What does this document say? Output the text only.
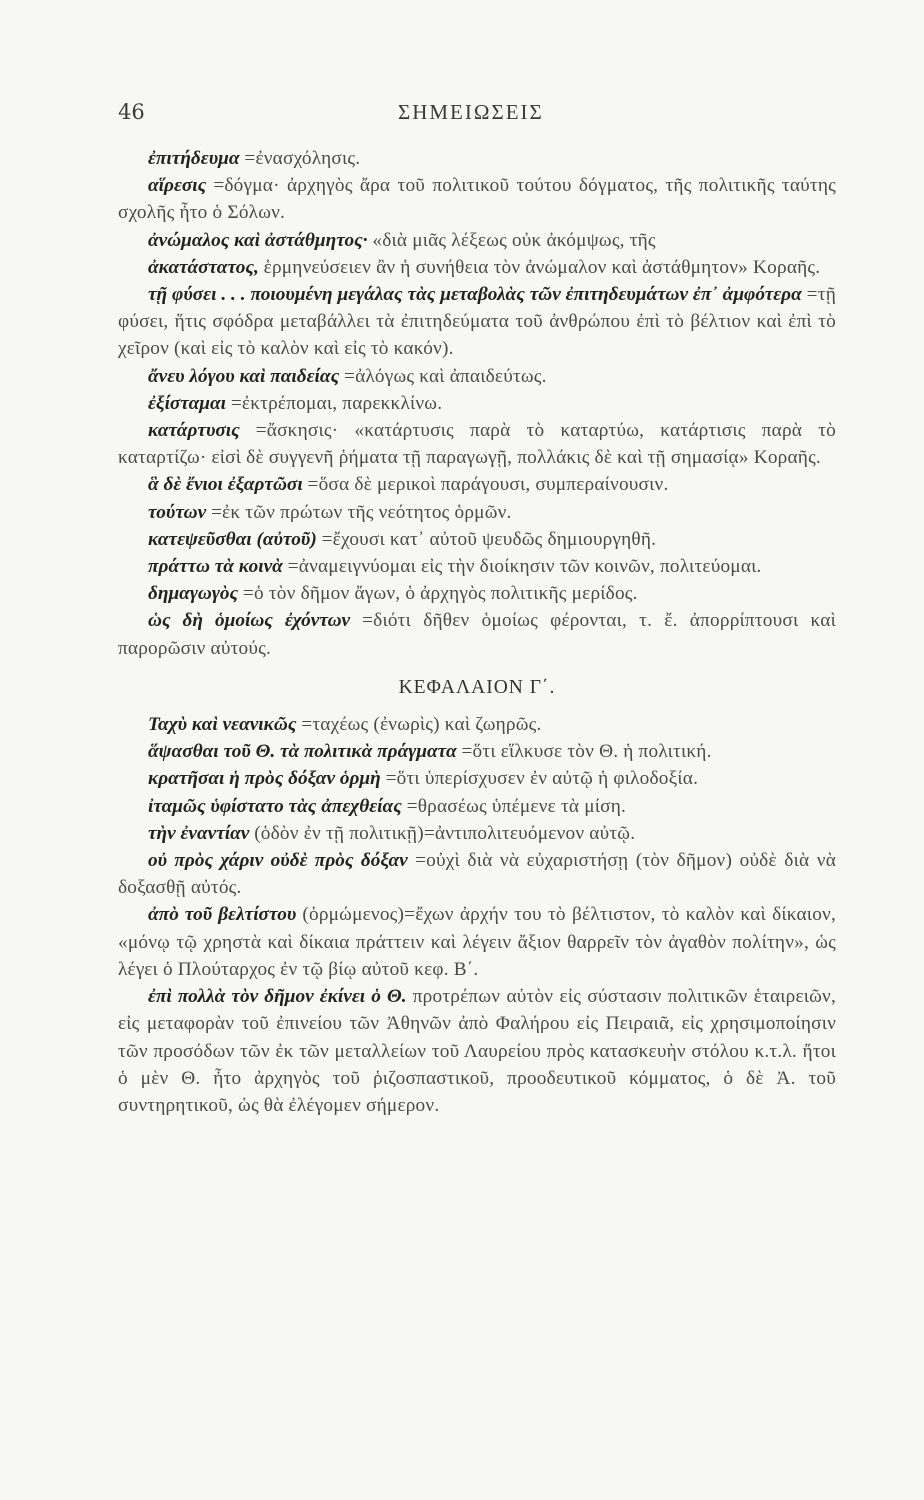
46	ΣΗΜΕΙΩΣΕΙΣ

ἐπιτήδευμα =ἐνασχόλησις.

αἵρεσις =δόγμα· ἀρχηγὸς ἄρα τοῦ πολιτικοῦ τούτου δόγματος, τῆς πολιτικῆς ταύτης σχολῆς ἦτο ὁ Σόλων.

ἀνώμαλος καὶ ἀστάθμητος· «διὰ μιᾶς λέξεως οὐκ ἀκόμψως, τῆς

ἀκατάστατος, ἑρμηνεύσειεν ἂν ἡ συνήθεια τὸν ἀνώμαλον καὶ ἀστάθμητον» Κοραῆς.

τῇ φύσει . . . ποιουμένη μεγάλας τὰς μεταβολὰς τῶν ἐπιτηδευμάτων ἐπ᾽ ἀμφότερα =τῇ φύσει, ἥτις σφόδρα μεταβάλλει τὰ ἐπιτηδεύματα τοῦ ἀνθρώπου ἐπὶ τὸ βέλτιον καὶ ἐπὶ τὸ χεῖρον (καὶ εἰς τὸ καλὸν καὶ εἰς τὸ κακόν).

ἄνευ λόγου καὶ παιδείας =ἀλόγως καὶ ἀπαιδεύτως.

ἐξίσταμαι =ἐκτρέπομαι, παρεκκλίνω.

κατάρτυσις =ἄσκησις· «κατάρτυσις παρὰ τὸ καταρτύω, κατάρτισις παρὰ τὸ καταρτίζω· εἰσὶ δὲ συγγενῆ ῥήματα τῇ παραγωγῇ, πολλάκις δὲ καὶ τῇ σημασίᾳ» Κοραῆς.

ἃ δὲ ἔνιοι ἐξαρτῶσι =ὅσα δὲ μερικοὶ παράγουσι, συμπεραίνουσιν.

τούτων =ἐκ τῶν πρώτων τῆς νεότητος ὁρμῶν.

κατεψεῦσθαι (αὐτοῦ) =ἔχουσι κατ᾽ αὐτοῦ ψευδῶς δημιουργηθῆ.

πράττω τὰ κοινὰ =ἀναμειγνύομαι εἰς τὴν διοίκησιν τῶν κοινῶν, πολιτεύομαι.

δημαγωγὸς =ὁ τὸν δῆμον ἄγων, ὁ ἀρχηγὸς πολιτικῆς μερίδος.

ὡς δὴ ὁμοίως ἐχόντων =διότι δῆθεν ὁμοίως φέρονται, τ. ἔ. ἀπορρίπτουσι καὶ παρορῶσιν αὐτούς.

ΚΕΦΑΛΑΙΟΝ Γ΄.

Ταχὺ καὶ νεανικῶς =ταχέως (ἐνωρὶς) καὶ ζωηρῶς.

ἅψασθαι τοῦ Θ. τὰ πολιτικὰ πράγματα =ὅτι εἵλκυσε τὸν Θ. ἡ πολιτική.

κρατῆσαι ἡ πρὸς δόξαν ὁρμὴ =ὅτι ὑπερίσχυσεν ἐν αὐτῷ ἡ φιλοδοξία.

ἰταμῶς ὑφίστατο τὰς ἀπεχθείας =θρασέως ὑπέμενε τὰ μίση.

τὴν ἐναντίαν (ὁδὸν ἐν τῇ πολιτικῇ)=ἀντιπολιτευόμενον αὐτῷ.

οὐ πρὸς χάριν οὐδὲ πρὸς δόξαν =οὐχὶ διὰ νὰ εὐχαριστήσῃ (τὸν δῆμον) οὐδὲ διὰ νὰ δοξασθῇ αὐτός.

ἀπὸ τοῦ βελτίστου (ὁρμώμενος)=ἔχων ἀρχήν του τὸ βέλτιστον, τὸ καλὸν καὶ δίκαιον, «μόνῳ τῷ χρηστὰ καὶ δίκαια πράττειν καὶ λέγειν ἄξιον θαρρεῖν τὸν ἀγαθὸν πολίτην», ὡς λέγει ὁ Πλούταρχος ἐν τῷ βίῳ αὐτοῦ κεφ. Β΄.

ἐπὶ πολλὰ τὸν δῆμον ἐκίνει ὁ Θ. προτρέπων αὐτὸν εἰς σύστασιν πολιτικῶν ἑταιρειῶν, εἰς μεταφορὰν τοῦ ἐπινείου τῶν Ἀθηνῶν ἀπὸ Φαλήρου εἰς Πειραιᾶ, εἰς χρησιμοποίησιν τῶν προσόδων τῶν ἐκ τῶν μεταλλείων τοῦ Λαυρείου πρὸς κατασκευὴν στόλου κ.τ.λ. ἤτοι ὁ μὲν Θ. ἦτο ἀρχηγὸς τοῦ ῥιζοσπαστικοῦ, προοδευτικοῦ κόμματος, ὁ δὲ Ἀ. τοῦ συντηρητικοῦ, ὡς θὰ ἐλέγομεν σήμερον.
